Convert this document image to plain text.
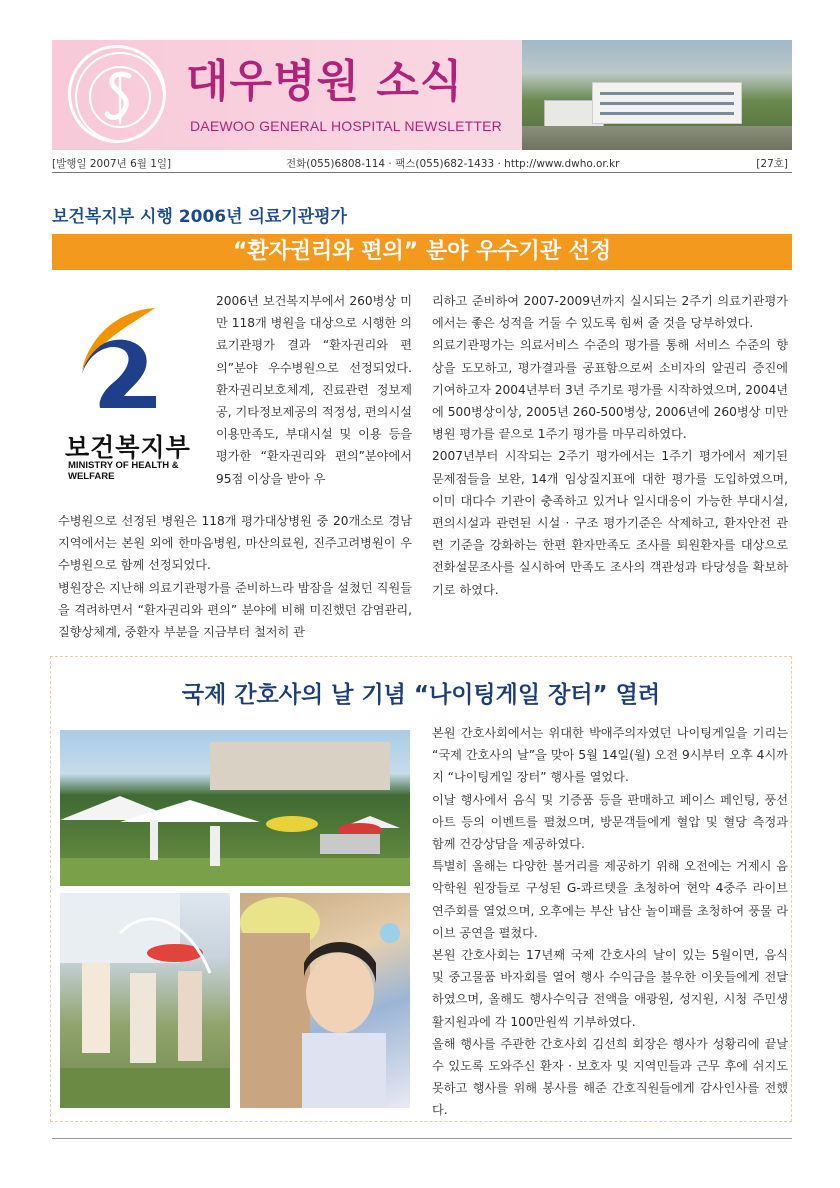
대우병원 소식
DAEWOO GENERAL HOSPITAL NEWSLETTER
[발행일 2007년 6월 1일]	전화(055)6808-114 · 팩스(055)682-1433 · http://www.dwho.or.kr	[27호]
보건복지부 시행 2006년 의료기관평가
“환자권리와 편의” 분야 우수기관 선정
보건복지부
MINISTRY OF HEALTH & WELFARE

2006년 보건복지부에서 260병상 미만 118개 병원을 대상으로 시행한 의료기관평가 결과 “환자권리와 편의”분야 우수병원으로 선정되었다. 환자권리보호체계, 진료관련 정보제공, 기타정보제공의 적정성, 편의시설이용만족도, 부대시설 및 이용 등을 평가한 “환자권리와 편의”분야에서 95점 이상을 받아 우

수병원으로 선정된 병원은 118개 평가대상병원 중 20개소로 경남지역에서는 본원 외에 한마음병원, 마산의료원, 진주고려병원이 우수병원으로 함께 선정되었다.

병원장은 지난해 의료기관평가를 준비하느라 밤잠을 설쳤던 직원들을 격려하면서 “환자권리와 편의” 분야에 비해 미진했던 감염관리, 질향상체계, 중환자 부분을 지금부터 철저히 관

리하고 준비하여 2007-2009년까지 실시되는 2주기 의료기관평가에서는 좋은 성적을 거둘 수 있도록 힘써 줄 것을 당부하였다.

의료기관평가는 의료서비스 수준의 평가를 통해 서비스 수준의 향상을 도모하고, 평가결과를 공표함으로써 소비자의 알권리 증진에 기여하고자 2004년부터 3년 주기로 평가를 시작하였으며, 2004년에 500병상이상, 2005년 260-500병상, 2006년에 260병상 미만 병원 평가를 끝으로 1주기 평가를 마무리하였다.

2007년부터 시작되는 2주기 평가에서는 1주기 평가에서 제기된 문제점들을 보완, 14개 임상질지표에 대한 평가를 도입하였으며, 이미 대다수 기관이 충족하고 있거나 일시대응이 가능한 부대시설, 편의시설과 관련된 시설 · 구조 평가기준은 삭제하고, 환자안전 관련 기준을 강화하는 한편 환자만족도 조사를 퇴원환자를 대상으로 전화설문조사를 실시하여 만족도 조사의 객관성과 타당성을 확보하기로 하였다.

국제 간호사의 날 기념 “나이팅게일 장터” 열려

본원 간호사회에서는 위대한 박애주의자였던 나이팅게일을 기리는 “국제 간호사의 날”을 맞아 5월 14일(월) 오전 9시부터 오후 4시까지 “나이팅게일 장터” 행사를 열었다.

이날 행사에서 음식 및 기증품 등을 판매하고 페이스 페인팅, 풍선아트 등의 이벤트를 펼쳤으며, 방문객들에게 혈압 및 혈당 측정과 함께 건강상담을 제공하였다.

특별히 올해는 다양한 볼거리를 제공하기 위해 오전에는 거제시 음악학원 원장들로 구성된 G-콰르텟을 초청하여 현악 4중주 라이브 연주회를 열었으며, 오후에는 부산 남산 놀이패를 초청하여 풍물 라이브 공연을 펼쳤다.

본원 간호사회는 17년째 국제 간호사의 날이 있는 5월이면, 음식 및 중고물품 바자회를 열어 행사 수익금을 불우한 이웃들에게 전달하였으며, 올해도 행사수익금 전액을 애광원, 성지원, 시청 주민생활지원과에 각 100만원씩 기부하였다.

올해 행사를 주관한 간호사회 김선희 회장은 행사가 성황리에 끝날 수 있도록 도와주신 환자 · 보호자 및 지역민들과 근무 후에 쉬지도 못하고 행사를 위해 봉사를 해준 간호직원들에게 감사인사를 전했다.
